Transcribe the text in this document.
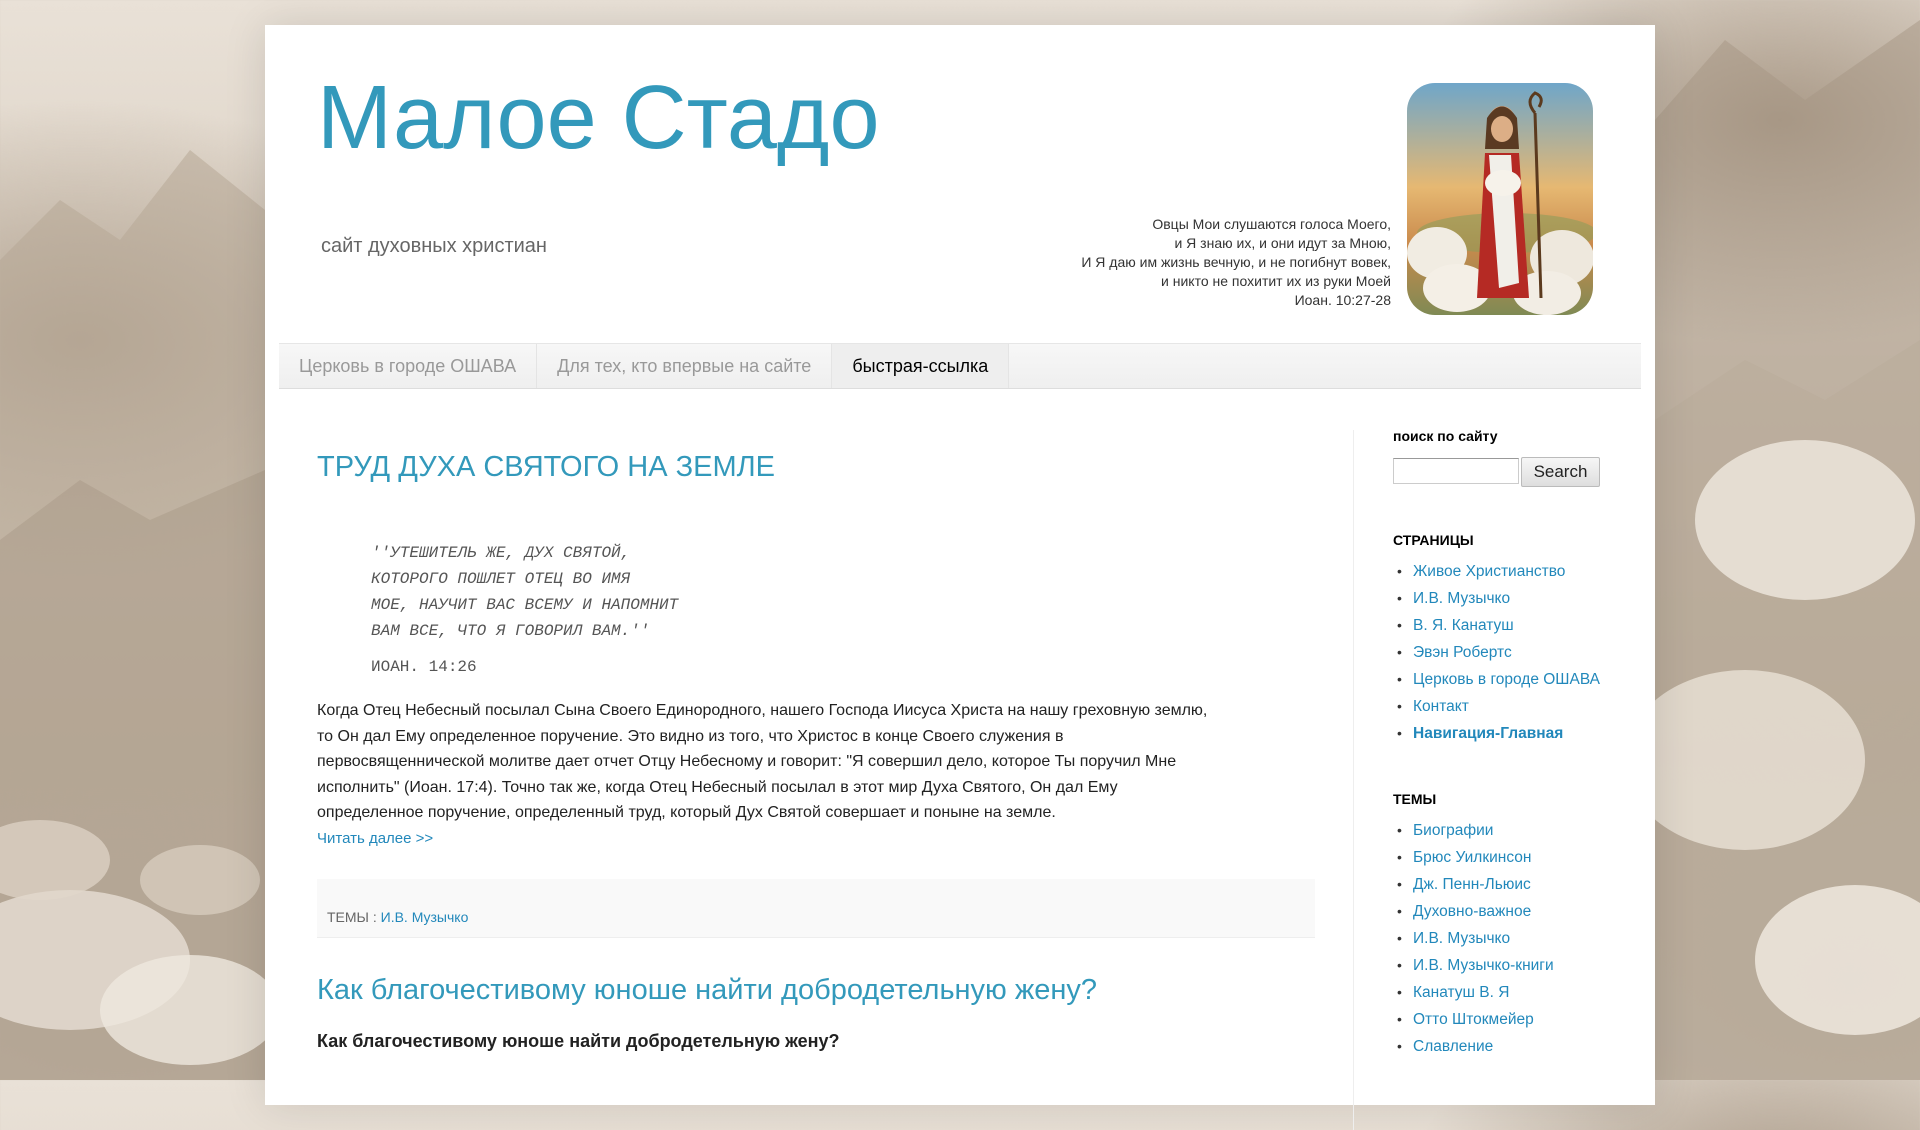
Малое Стадо
сайт духовных христиан
Овцы Мои слушаются голоса Моего,
и Я знаю их, и они идут за Мною,
И Я даю им жизнь вечную, и не погибнут вовек,
и никто не похитит их из руки Моей
Иоан. 10:27-28
Церковь в городе ОШАВА	Для тех, кто впервые на сайте	быстрая-ссылка
ТРУД ДУХА СВЯТОГО НА ЗЕМЛЕ
''УТЕШИТЕЛЬ ЖЕ, ДУХ СВЯТОЙ,
КОТОРОГО ПОШЛЕТ ОТЕЦ ВО ИМЯ
МОЕ, НАУЧИТ ВАС ВСЕМУ И НАПОМНИТ
ВАМ ВСЕ, ЧТО Я ГОВОРИЛ ВАМ.''
ИОАН. 14:26
Когда Отец Небесный посылал Сына Своего Единородного, нашего Господа Иисуса Христа на нашу греховную землю,
то Он дал Ему определенное поручение. Это видно из того, что Христос в конце Своего служения в
первосвященнической молитве дает отчет Отцу Небесному и говорит: "Я совершил дело, которое Ты поручил Мне
исполнить" (Иоан. 17:4). Точно так же, когда Отец Небесный посылал в этот мир Духа Святого, Он дал Ему
определенное поручение, определенный труд, который Дух Святой совершает и поныне на земле.
Читать далее >>
ТЕМЫ : И.В. Музычко
Как благочестивому юноше найти добродетельную жену?
Как благочестивому юноше найти добродетельную жену?
поиск по сайту
Search
СТРАНИЦЫ
• Живое Христианство
• И.В. Музычко
• В. Я. Канатуш
• Эвэн Робертс
• Церковь в городе ОШАВА
• Контакт
• Навигация-Главная
ТЕМЫ
• Биографии
• Брюс Уилкинсон
• Дж. Пенн-Льюис
• Духовно-важное
• И.В. Музычко
• И.В. Музычко-книги
• Канатуш В. Я
• Отто Штокмейер
• Славление
